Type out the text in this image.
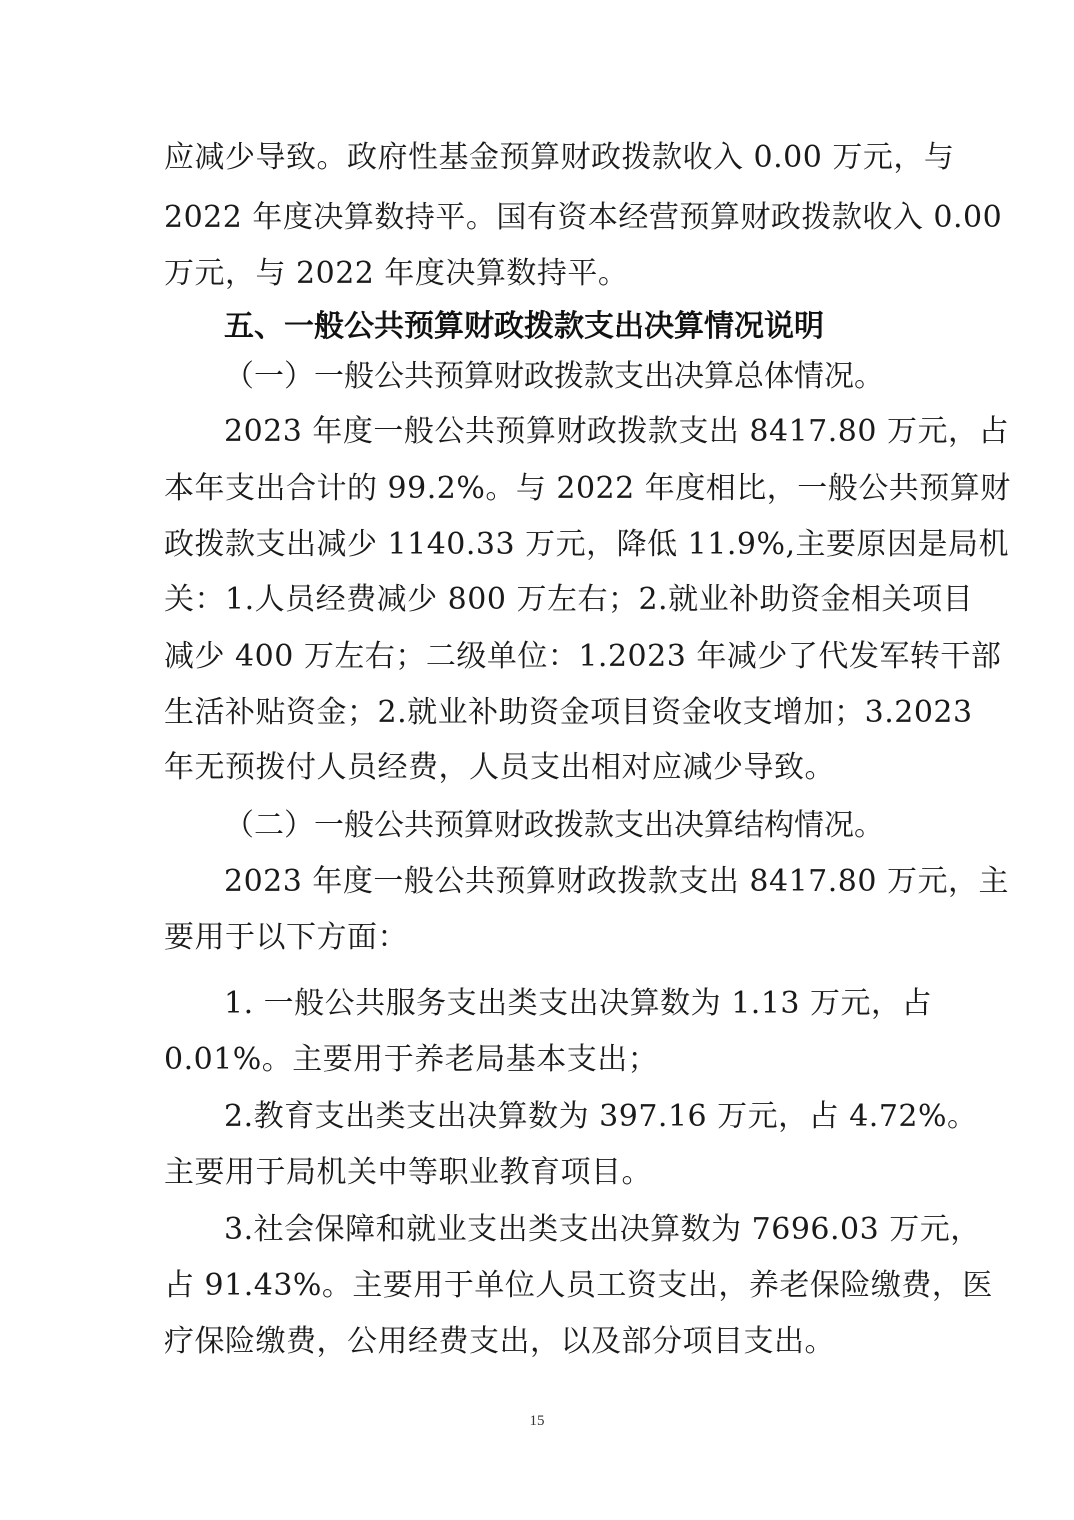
应减少导致。政府性基金预算财政拨款收入 0.00 万元，与
2022 年度决算数持平。国有资本经营预算财政拨款收入 0.00
万元，与 2022 年度决算数持平。
五、一般公共预算财政拨款支出决算情况说明
（一）一般公共预算财政拨款支出决算总体情况。
2023 年度一般公共预算财政拨款支出 8417.80 万元，占
本年支出合计的 99.2%。与 2022 年度相比，一般公共预算财
政拨款支出减少 1140.33 万元，降低 11.9%,主要原因是局机
关：1.人员经费减少 800 万左右；2.就业补助资金相关项目
减少 400 万左右；二级单位：1.2023 年减少了代发军转干部
生活补贴资金；2.就业补助资金项目资金收支增加；3.2023
年无预拨付人员经费，人员支出相对应减少导致。
（二）一般公共预算财政拨款支出决算结构情况。
2023 年度一般公共预算财政拨款支出 8417.80 万元，主
要用于以下方面：
1. 一般公共服务支出类支出决算数为 1.13 万元，占
0.01%。主要用于养老局基本支出；
2.教育支出类支出决算数为 397.16 万元，占 4.72%。
主要用于局机关中等职业教育项目。
3.社会保障和就业支出类支出决算数为 7696.03 万元，
占 91.43%。主要用于单位人员工资支出，养老保险缴费，医
疗保险缴费，公用经费支出，以及部分项目支出。
15
